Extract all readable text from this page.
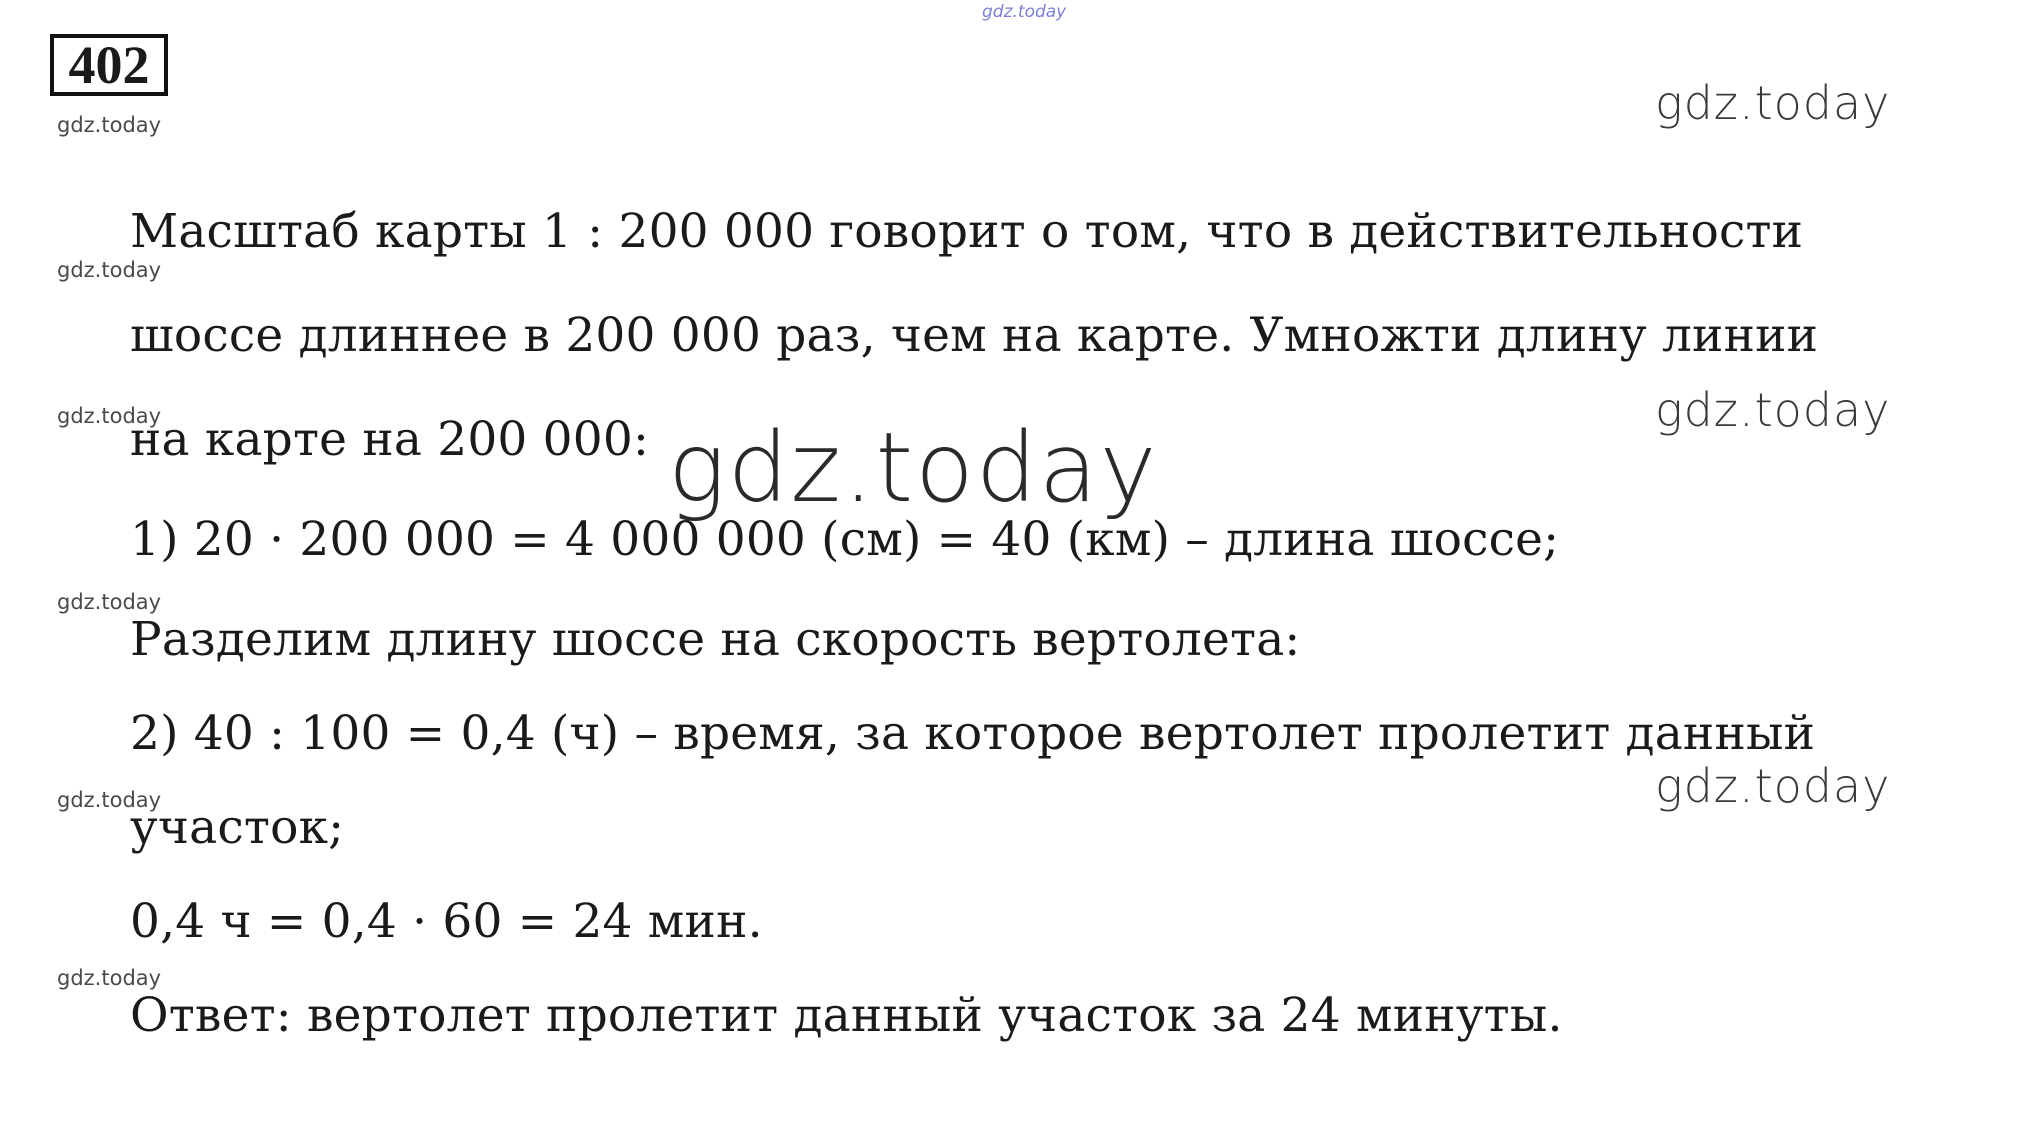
402
gdz.today
gdz.today
gdz.today
gdz.today
gdz.today
gdz.today
gdz.today
gdz.today
gdz.today
gdz.today
Масштаб карты 1 : 200 000 говорит о том, что в действительности
шоссе длиннее в 200 000 раз, чем на карте. Умножти длину линии
на карте на 200 000:
1) 20 · 200 000 = 4 000 000 (см) = 40 (км) – длина шоссе;
Разделим длину шоссе на скорость вертолета:
2) 40 : 100 = 0,4 (ч) – время, за которое вертолет пролетит данный
участок;
0,4 ч = 0,4 · 60 = 24 мин.
Ответ: вертолет пролетит данный участок за 24 минуты.
gdz.today
